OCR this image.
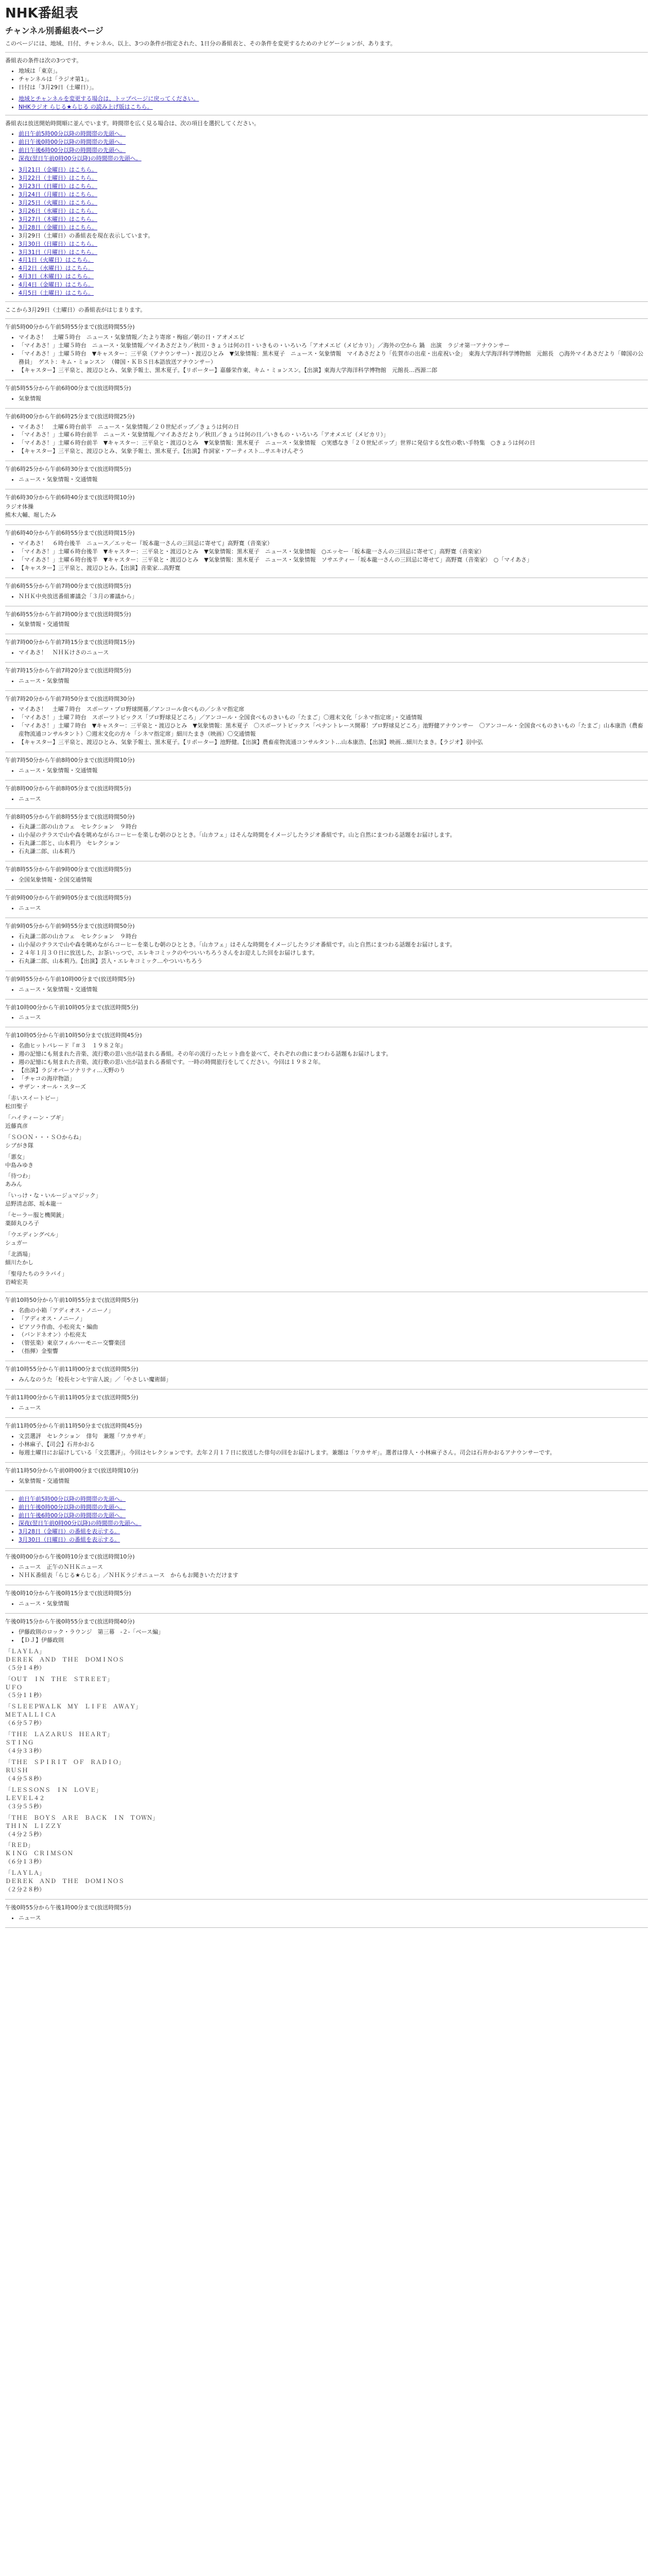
NHK番組表
チャンネル別番組表ページ

このページには、地域、日付、チャンネル、以上、3つの条件が指定された、1日分の番組表と、その条件を変更するためのナビゲーションが、あります。

番組表の条件は次の3つです。

• 地域は「東京」。
• チャンネルは「ラジオ第1」。
• 日付は「3月29日（土曜日）」。
• 地域とチャンネルを変更する場合は、トップページに戻ってください。
• NHKラジオ らじる★らじる の読み上げ版はこちら。

番組表は放送開始時間順に並んでいます。時間帯を広く見る場合は、次の項目を選択してください。

• 前日午前5時00分以降の時間帯の先頭へ。
• 前日午後0時00分以降の時間帯の先頭へ。
• 前日午後6時00分以降の時間帯の先頭へ。
• 深夜(翌日午前0時00分以降)の時間帯の先頭へ。
• 3月21日（金曜日）はこちら。
• 3月22日（土曜日）はこちら。
• 3月23日（日曜日）はこちら。
• 3月24日（月曜日）はこちら。
• 3月25日（火曜日）はこちら。
• 3月26日（水曜日）はこちら。
• 3月27日（木曜日）はこちら。
• 3月28日（金曜日）はこちら。
• 3月29日（土曜日）の番組表を現在表示しています。
• 3月30日（日曜日）はこちら。
• 3月31日（月曜日）はこちら。
• 4月1日（火曜日）はこちら。
• 4月2日（水曜日）はこちら。
• 4月3日（木曜日）はこちら。
• 4月4日（金曜日）はこちら。
• 4月5日（土曜日）はこちら。

ここから3月29日（土曜日）の番組表がはじまります。

午前5時00分から午前5時55分まで(放送時間55分)
• マイあさ！　土曜５時台　ニュース・気象情報／たより寄席・梅宿／朝の日・アオメエビ
• 「マイあさ！」土曜５時台　ニュース・気象情報／マイあさだより／秋田・きょうは何の日・いきもの・いろいろ「アオメエビ（メビカリ）」／海外の空から 鍋　出演　ラジオ第一アナウンサー
• 「マイあさ！」土曜５時台　▼キャスター：三平泉（アナウンサー）・渡辺ひとみ　▼気象情報：黒木夏子　ニュース・気象情報　マイあさだより「佐賀市の出産・出産祝い金」　東海大学海洋科学博物館　元館長　○海外マイあさだより「韓国の公務員」　ゲスト：キム・ミョンスン　（韓国・ＫＢＳ日本語放送アナウンサー）
• 【キャスター】三平泉と、渡辺ひとみ、気象予報士、黒木夏子。【リポーター】嘉藤栄作東、キム・ミョンスン。【出演】東海大学海洋科学博物館　元館長…西源二郎
午前5時55分から午前6時00分まで(放送時間5分)
• 気象情報
午前6時00分から午前6時25分まで(放送時間25分)
• マイあさ！　土曜６時台前半　ニュース・気象情報／２０世紀ポップ／きょうは何の日
• 「マイあさ！」土曜６時台前半　ニュース・気象情報／マイあさだより／秋田／きょうは何の日／いきもの・いろいろ「アオメエビ（メビカリ）」
• 「マイあさ！」土曜６時台前半　▼キャスター：三平泉と・渡辺ひとみ　▼気象情報：黒木夏子　ニュース・気象情報　○実感なき「２０世紀ポップ」世界に発信する女性の歌い手特集　○きょうは何の日
• 【キャスター】三平泉と、渡辺ひとみ、気象予報士、黒木夏子。【出演】作詞家・アーティスト…サエキけんぞう
午前6時25分から午前6時30分まで(放送時間5分)
• ニュース・気象情報・交通情報
午前6時30分から午前6時40分まで(放送時間10分)
ラジオ体操
熊木大輔、堀したみ
午前6時40分から午前6時55分まで(放送時間15分)
• マイあさ！　６時台後半　ニュース／エッセー『坂本龍一さんの三回忌に寄せて』高野寛（音楽家）
• 「マイあさ！」土曜６時台後半　▼キャスター：三平泉と・渡辺ひとみ　▼気象情報：黒木夏子　ニュース・気象情報　○エッセー「坂本龍一さんの三回忌に寄せて」高野寛（音楽家）
• 「マイあさ！」土曜６時台後半　▼キャスター：三平泉と・渡辺ひとみ　▼気象情報：黒木夏子　ニュース・気象情報　ソサエティー「坂本龍一さんの三回忌に寄せて」高野寛（音楽家）　○「マイあさ」
• 【キャスター】三平泉と、渡辺ひとみ。【出演】音楽家…高野寛
午前6時55分から午前7時00分まで(放送時間5分)
• ＮＨＫ中央放送番組審議会「３月の審議から」
午前6時55分から午前7時00分まで(放送時間5分)
• 気象情報・交通情報
午前7時00分から午前7時15分まで(放送時間15分)
• マイあさ！　ＮＨＫけさのニュース
午前7時15分から午前7時20分まで(放送時間5分)
• ニュース・気象情報
午前7時20分から午前7時50分まで(放送時間30分)
• マイあさ！　土曜７時台　スポーツ・プロ野球開幕／アンコール食べもの／シネマ指定席
• 「マイあさ！」土曜７時台　スポーツトピックス「プロ野球見どころ」／アンコール・全国食べものきいもの「たまご」〇週末文化「シネマ指定席」・交通情報
• 「マイあさ！」土曜７時台　▼キャスター：三平泉と・渡辺ひとみ　▼気象情報：黒木夏子　〇スポーツトピックス「ペナントレース開幕！プロ野球見どころ」池野健アナウンサー　〇アンコール・全国食べものきいもの「たまご」山本康浩（農畜産物流通コンサルタント）〇週末文化の方々「シネマ指定席」細川たまき（映画）〇交通情報
• 【キャスター】三平泉と、渡辺ひとみ、気象予報士、黒木夏子。【リポーター】池野健。【出演】農畜産物流通コンサルタント…山本康浩、【出演】映画…細川たまき。【ラジオ】羽中弘
午前7時50分から午前8時00分まで(放送時間10分)
• ニュース・気象情報・交通情報
午前8時00分から午前8時05分まで(放送時間5分)
• ニュース
午前8時05分から午前8時55分まで(放送時間50分)
• 石丸謙二郎の山カフェ　セレクション　９時台
• 山小屋のテラスで山や森を眺めながらコーヒーを楽しむ朝のひととき。「山カフェ」はそんな時間をイメージしたラジオ番組です。山と自然にまつわる話題をお届けします。
• 石丸謙二郎と、山本莉乃　セレクション
• 石丸謙二郎、山本莉乃
午前8時55分から午前9時00分まで(放送時間5分)
• 全国気象情報・全国交通情報
午前9時00分から午前9時05分まで(放送時間5分)
• ニュース
午前9時05分から午前9時55分まで(放送時間50分)
• 石丸謙二郎の山カフェ　セレクション　９時台
• 山小屋のテラスで山や森を眺めながらコーヒーを楽しむ朝のひととき。「山カフェ」はそんな時間をイメージしたラジオ番組です。山と自然にまつわる話題をお届けします。
• ２４年１月３０日に放送した、お茶いっつで、エレキコミックのやついいちろうさんをお迎えした回をお届けします。
• 石丸謙二郎、山本莉乃。【出演】芸人・エレキコミック…やついいちろう
午前9時55分から午前10時00分まで(放送時間5分)
• ニュース・気象情報・交通情報
午前10時00分から午前10時05分まで(放送時間5分)
• ニュース
午前10時05分から午前10時50分まで(放送時間45分)
• 名曲ヒットパレード『＃３　１９８２年』
• 週の記憶にも刻まれた音楽、流行歌の思い出が詰まれる番組。その年の流行ったヒット曲を並べて、それぞれの曲にまつわる話題もお届けします。
• 週の記憶にも刻まれた音楽、流行歌の思い出が詰まれる番組です。一時の時間旅行をしてください。今回は１９８２年。
• 【出演】ラジオパーソナリティ…天野のり
• 「チャコの海岸物語」
• サザン・オール・スターズ
「赤いスイートピー」
松田聖子
「ハイティーン・ブギ」
近藤真彦
「ＳＯＯＮ・・・ＳＯからね」
シブがき隊
「悪女」
中島みゆき
「待つわ」
あみん
「いっけ・な・いルージュマジック」
忌野清志郎、坂本龍一
「セーラー服と機関銃」
薬師丸ひろ子
「ウエディングベル」
シュガー
「北酒場」
細川たかし
「聖母たちのララバイ」
岩崎宏美
午前10時50分から午前10時55分まで(放送時間5分)
• 名曲の小箱「アディオス・ノニーノ」
• 「アディオス・ノニーノ」
• ピアソラ作曲、小松亮太・編曲
• （バンドネオン）小松亮太
• （管弦楽）東京フィルハーモニー交響楽団
• （指揮）金聖響
午前10時55分から午前11時00分まで(放送時間5分)
• みんなのうた「校長センセ宇宙人説」／「やさしい魔術師」
午前11時00分から午前11時05分まで(放送時間5分)
• ニュース
午前11時05分から午前11時50分まで(放送時間45分)
• 文芸選評　セレクション　俳句　兼題「ワカサギ」
• 小林麻子、【司会】石井かおる
• 毎週土曜日にお届けしている「文芸選評」。今回はセレクションです。去年２月１７日に放送した俳句の回をお届けします。兼題は「ワカサギ」。選者は俳人・小林麻子さん。司会は石井かおるアナウンサーです。
午前11時50分から午前0時00分まで(放送時間10分)
• 気象情報・交通情報
• 前日午前5時00分以降の時間帯の先頭へ。
• 前日午後0時00分以降の時間帯の先頭へ。
• 前日午後6時00分以降の時間帯の先頭へ。
• 深夜(翌日午前0時00分以降)の時間帯の先頭へ。
• 3月28日（金曜日）の番組を表示する。
• 3月30日（日曜日）の番組を表示する。
午後0時00分から午後0時10分まで(放送時間10分)
• ニュース　正午のＮＨＫニュース
• ＮＨＫ番組表「らじる★らじる」／ＮＨＫラジオニュース　からもお聞きいただけます
午後0時10分から午後0時15分まで(放送時間5分)
• ニュース・気象情報
午後0時15分から午後0時55分まで(放送時間40分)
• 伊藤政則のロック・ラウンジ　第三幕　-２-「ベース編」
• 【ＤＪ】伊藤政則
「ＬＡＹＬＡ」
ＤＥＲＥＫ　ＡＮＤ　ＴＨＥ　ＤＯＭＩＮＯＳ
（５分１４秒）
「ＯＵＴ　ＩＮ　ＴＨＥ　ＳＴＲＥＥＴ」
ＵＦＯ
（５分１１秒）
「ＳＬＥＥＰＷＡＬＫ　ＭＹ　ＬＩＦＥ　ＡＷＡＹ」
ＭＥＴＡＬＬＩＣＡ
（６分５７秒）
「ＴＨＥ　ＬＡＺＡＲＵＳ　ＨＥＡＲＴ」
ＳＴＩＮＧ
（４分３３秒）
「ＴＨＥ　ＳＰＩＲＩＴ　ＯＦ　ＲＡＤＩＯ」
ＲＵＳＨ
（４分５８秒）
「ＬＥＳＳＯＮＳ　ＩＮ　ＬＯＶＥ」
ＬＥＶＥＬ４２
（３分５５秒）
「ＴＨＥ　ＢＯＹＳ　ＡＲＥ　ＢＡＣＫ　ＩＮ　ＴＯＷＮ」
ＴＨＩＮ　ＬＩＺＺＹ
（４分２５秒）
「ＲＥＤ」
ＫＩＮＧ　ＣＲＩＭＳＯＮ
（６分１３秒）
「ＬＡＹＬＡ」
ＤＥＲＥＫ　ＡＮＤ　ＴＨＥ　ＤＯＭＩＮＯＳ
（２分２８秒）
午後0時55分から午後1時00分まで(放送時間5分)
• ニュース
